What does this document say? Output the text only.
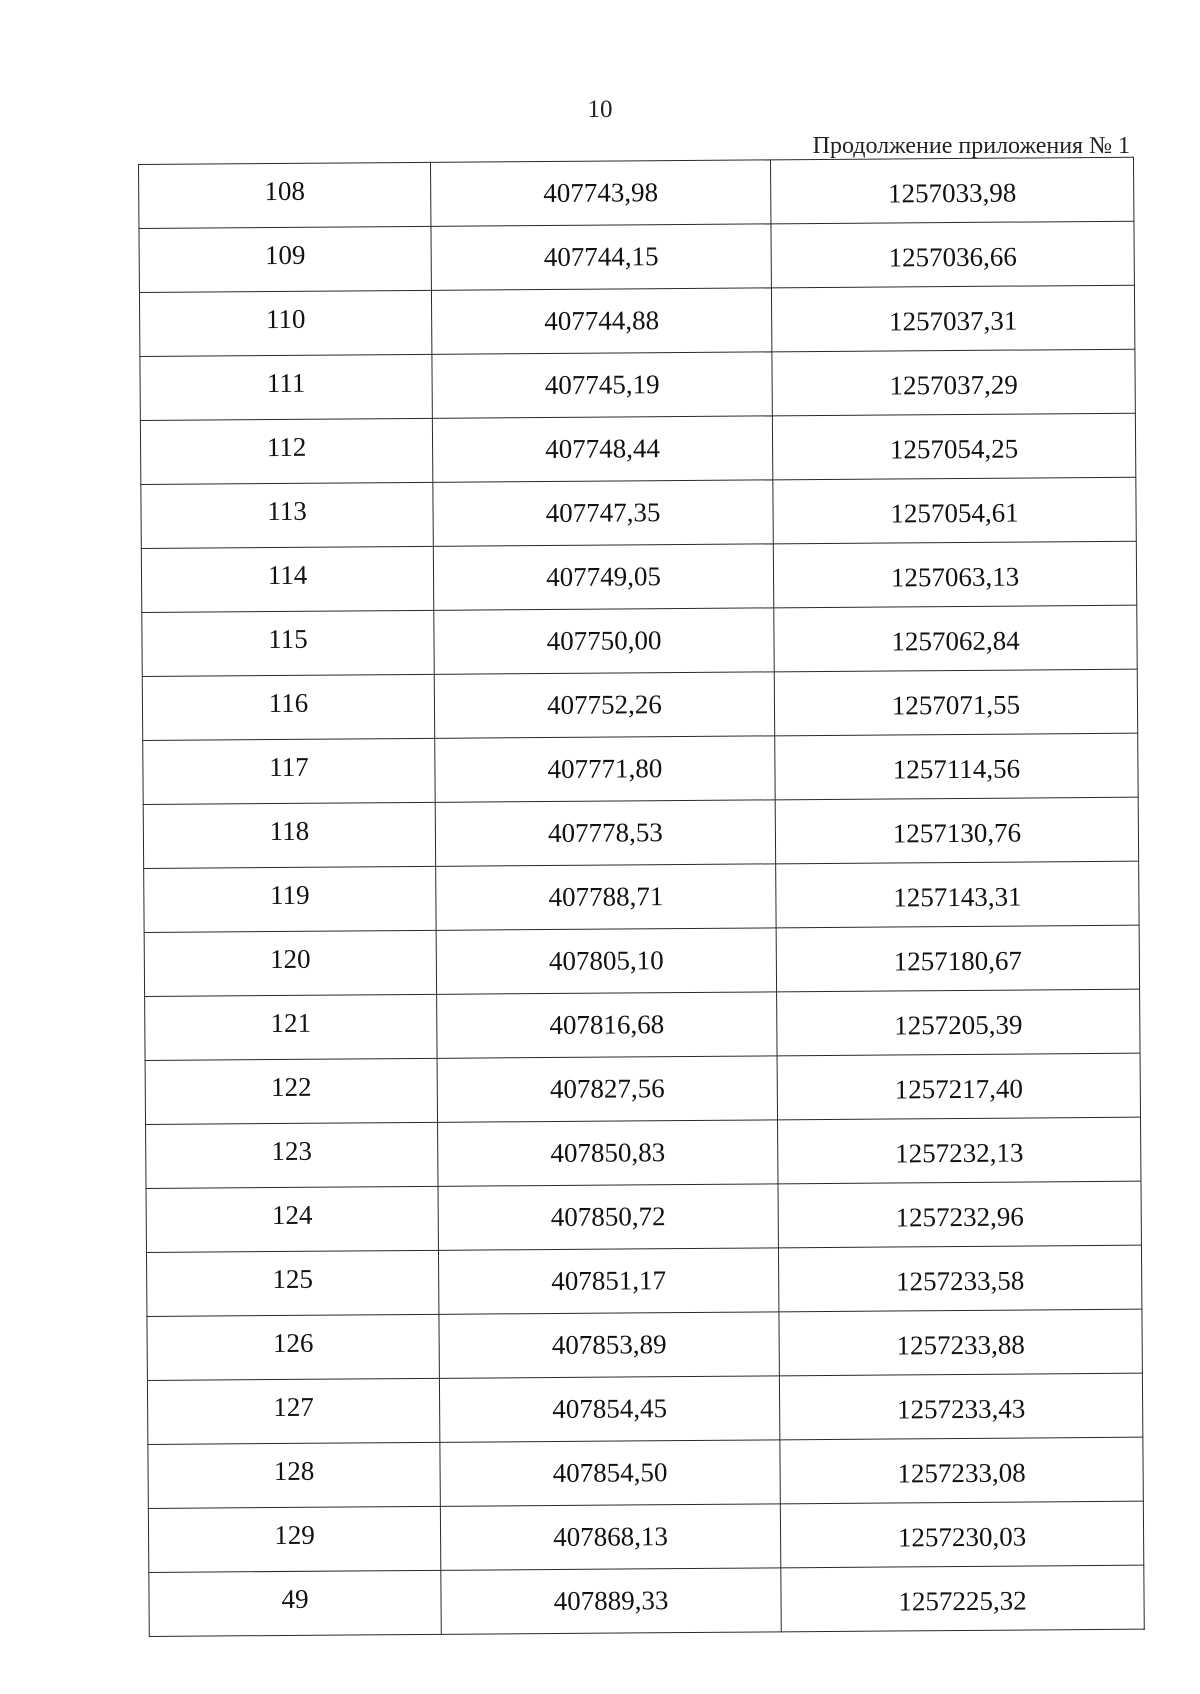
10
Продолжение приложения № 1
108	407743,98	1257033,98
109	407744,15	1257036,66
110	407744,88	1257037,31
111	407745,19	1257037,29
112	407748,44	1257054,25
113	407747,35	1257054,61
114	407749,05	1257063,13
115	407750,00	1257062,84
116	407752,26	1257071,55
117	407771,80	1257114,56
118	407778,53	1257130,76
119	407788,71	1257143,31
120	407805,10	1257180,67
121	407816,68	1257205,39
122	407827,56	1257217,40
123	407850,83	1257232,13
124	407850,72	1257232,96
125	407851,17	1257233,58
126	407853,89	1257233,88
127	407854,45	1257233,43
128	407854,50	1257233,08
129	407868,13	1257230,03
49	407889,33	1257225,32
